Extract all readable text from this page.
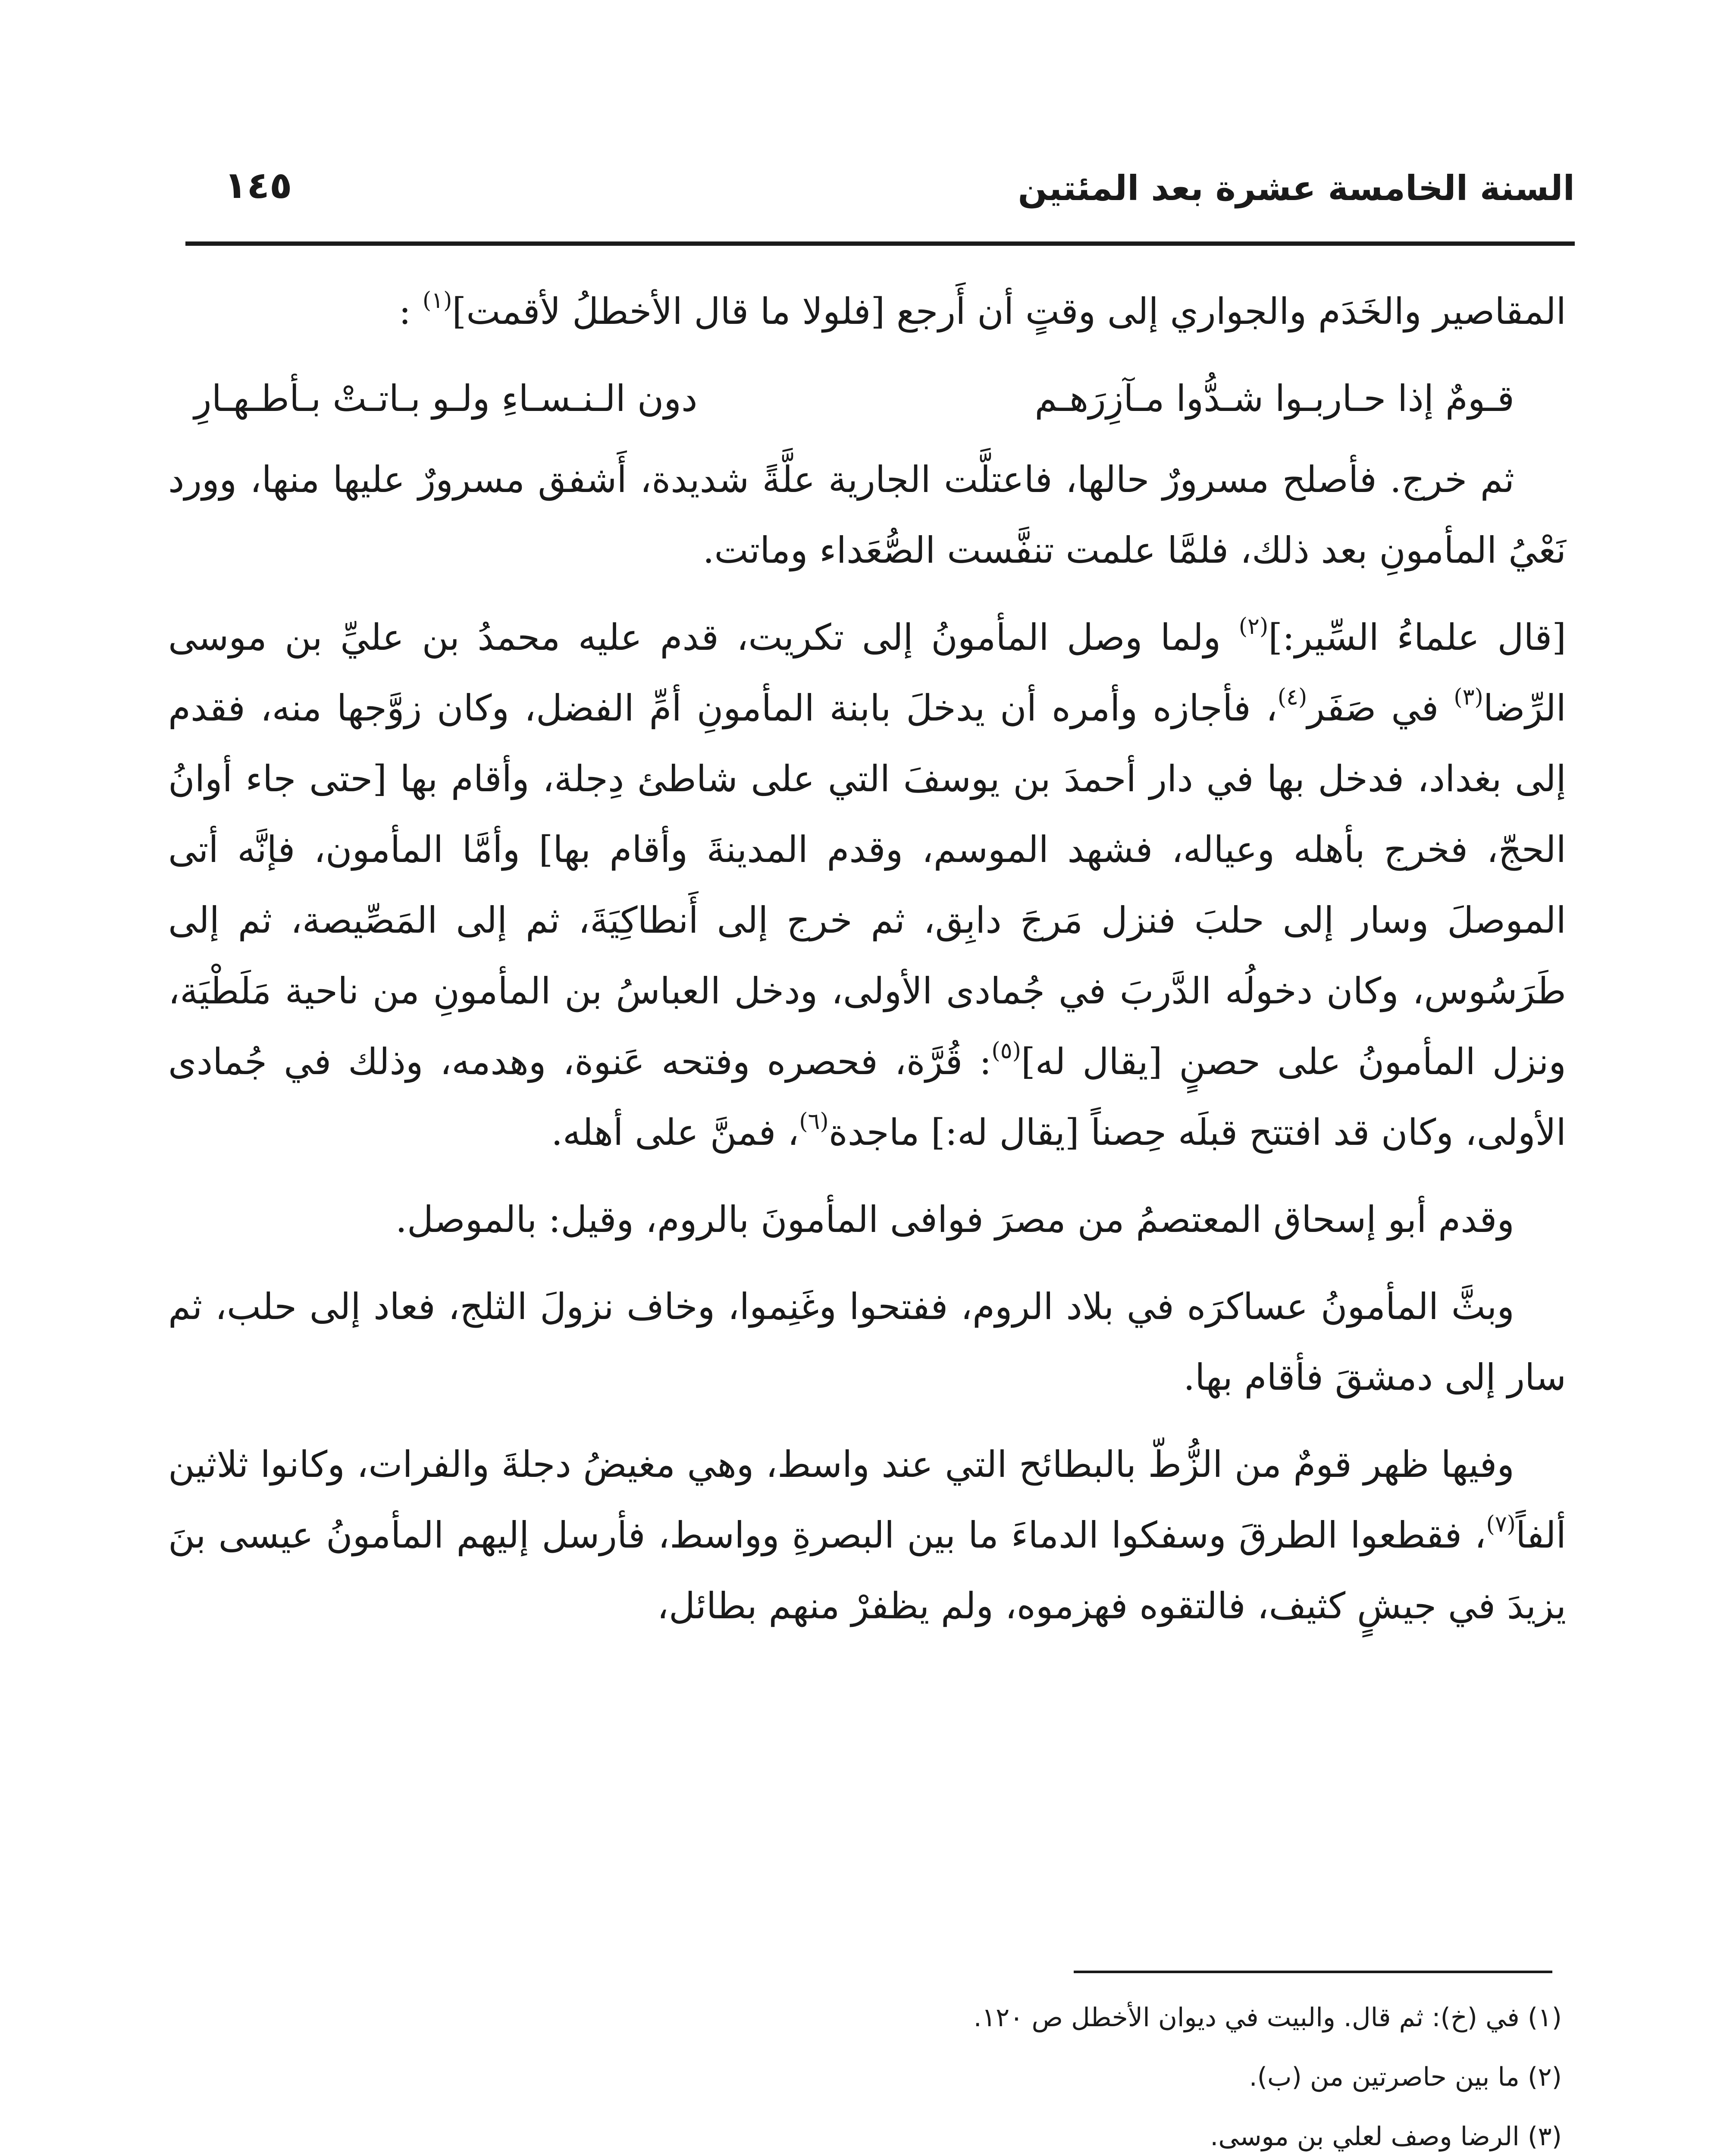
السنة الخامسة عشرة بعد المئتين
١٤٥

المقاصير والخَدَم والجواري إلى وقتٍ أن أَرجع [فلولا ما قال الأخطلُ لأقمت]$^{(١)}$ :

قـومٌ إذا حـاربـوا شـدُّوا مـآزِرَهـم
دون الـنـسـاءِ ولـو بـاتـتْ بـأطـهـارِ

ثم خرج. فأصلح مسرورٌ حالها، فاعتلَّت الجارية علَّةً شديدة، أَشفق مسرورٌ عليها منها، وورد نَعْيُ المأمونِ بعد ذلك، فلمَّا علمت تنفَّست الصُّعَداء وماتت.

[قال علماءُ السِّير:]$^{(٢)}$ ولما وصل المأمونُ إلى تكريت، قدم عليه محمدُ بن عليِّ بن موسى الرِّضا$^{(٣)}$ في صَفَر$^{(٤)}$، فأجازه وأمره أن يدخلَ بابنة المأمونِ أمِّ الفضل، وكان زوَّجها منه، فقدم إلى بغداد، فدخل بها في دار أحمدَ بن يوسفَ التي على شاطئ دِجلة، وأقام بها [حتى جاء أوانُ الحجّ، فخرج بأهله وعياله، فشهد الموسم، وقدم المدينةَ وأقام بها] وأمَّا المأمون، فإنَّه أتى الموصلَ وسار إلى حلبَ فنزل مَرجَ دابِق، ثم خرج إلى أَنطاكِيَةَ، ثم إلى المَصِّيصة، ثم إلى طَرَسُوس، وكان دخولُه الدَّربَ في جُمادى الأولى، ودخل العباسُ بن المأمونِ من ناحية مَلَطْيَة، ونزل المأمونُ على حصنٍ [يقال له]$^{(٥)}$: قُرَّة، فحصره وفتحه عَنوة، وهدمه، وذلك في جُمادى الأولى، وكان قد افتتح قبلَه حِصناً [يقال له:] ماجدة$^{(٦)}$، فمنَّ على أهله.

وقدم أبو إسحاق المعتصمُ من مصرَ فوافى المأمونَ بالروم، وقيل: بالموصل.

وبثَّ المأمونُ عساكرَه في بلاد الروم، ففتحوا وغَنِموا، وخاف نزولَ الثلج، فعاد إلى حلب، ثم سار إلى دمشقَ فأقام بها.

وفيها ظهر قومٌ من الزُّطّ بالبطائح التي عند واسط، وهي مغيضُ دجلةَ والفرات، وكانوا ثلاثين ألفاً$^{(٧)}$، فقطعوا الطرقَ وسفكوا الدماءَ ما بين البصرةِ وواسط، فأرسل إليهم المأمونُ عيسى بنَ يزيدَ في جيشٍ كثيف، فالتقوه فهزموه، ولم يظفرْ منهم بطائل،

(١) في (خ): ثم قال. والبيت في ديوان الأخطل ص ١٢٠.
(٢) ما بين حاصرتين من (ب).
(٣) الرضا وصف لعلي بن موسى.
